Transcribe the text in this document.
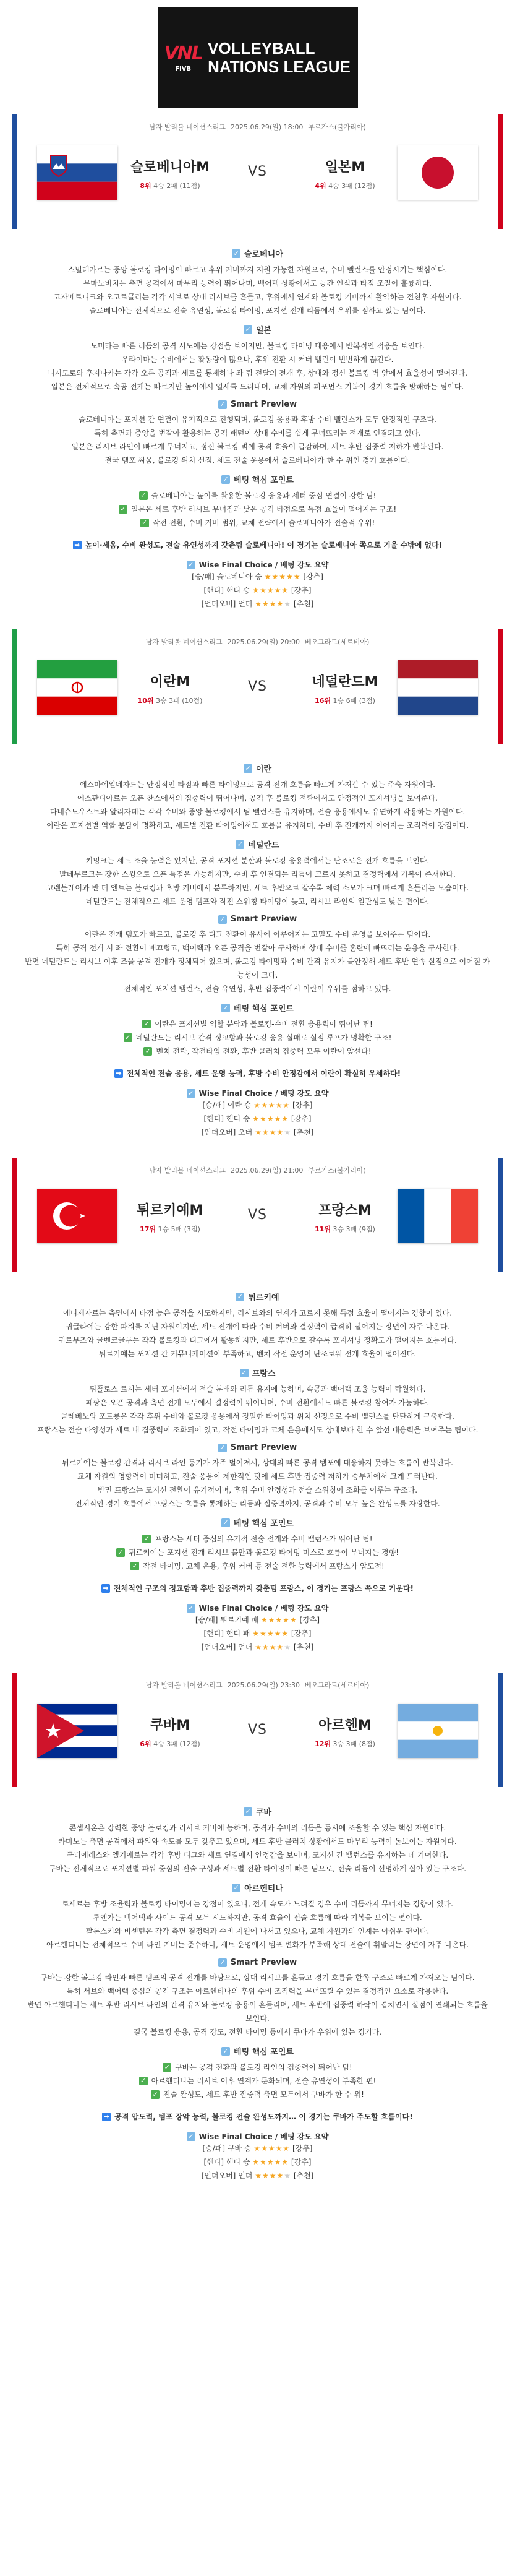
VNL
FIVB
VOLLEYBALL
NATIONS LEAGUE
남자 발리볼 네이션스리그 2025.06.29(일) 18:00 부르가스(불가리아)
슬로베니아M
8위 4승 2패 (11점)
일본M
4위 4승 3패 (12점)
VS
✓ 슬로베니아
스밀레카르는 중앙 볼로킹 타이밍이 빠르고 후위 커버까지 지원 가능한 자원으로, 수비 밸런스를 안정시키는 핵심이다.
무마노비치는 측면 공격에서 마무리 능력이 뛰어나며, 백어택 상황에서도 공간 인식과 타점 조절이 훌륭하다.
코자메르니크와 오코로글리는 각각 서브로 상대 리시브를 흔들고, 후위에서 연계와 볼로킹 커버까지 활약하는 전천후 자원이다.
슬로베니아는 전체적으로 전술 유연성, 볼로킹 타이밍, 포지션 전개 리듬에서 우위를 점하고 있는 팀이다.
✓ 일본
도미타는 빠른 리듬의 공격 시도에는 강점을 보이지만, 볼로킹 타이밍 대응에서 반복적인 적응을 보인다.
우라이마는 수비에서는 활동량이 많으나, 후위 전환 시 커버 밸런이 빈번하게 끊긴다.
니시모토와 후지나카는 각각 오른 공격과 세트를 통제하나 좌 팀 전달의 전개 후, 상대와 정신 볼로킹 벽 앞에서 효율성이 떨어진다.
일본은 전체적으로 속공 전개는 빠르지만 높이에서 열세를 드러내며, 교체 자원의 퍼포먼스 기복이 경기 흐름을 방해하는 팀이다.
✓ Smart Preview
슬로베니아는 포지션 간 연결이 유기적으로 진행되며, 볼로킹 응용과 후방 수비 밸런스가 모두 안정적인 구조다.
특히 측면과 중앙을 번갈아 활용하는 공격 패턴이 상대 수비를 쉽게 무너뜨리는 전개로 연결되고 있다.
일본은 리시브 라인이 빠르게 무너지고, 정신 볼로킹 벽에 공격 효율이 급감하며, 세트 후반 집중력 저하가 반복된다.
결국 템포 싸움, 볼로킹 위치 선점, 세트 전술 운용에서 슬로베니아가 한 수 위인 경기 흐름이다.
✓ 베팅 핵심 포인트
✓ 슬로베니아는 높이를 활용한 볼로킹 응용과 세터 중심 연결이 강한 팀!
✓ 일본은 세트 후반 리시브 무너짐과 낮은 공격 타점으로 득점 효율이 떨어지는 구조!
✓ 작전 전환, 수비 커버 범위, 교체 전략에서 슬로베니아가 전술적 우위!
➡ 높이·세움, 수비 완성도, 전술 유연성까지 갖춘팀 슬로베니아! 이 경기는 슬로베니아 쪽으로 기울 수밖에 없다!
✓ Wise Final Choice / 베팅 강도 요약
[승/패] 슬로베니아 승 ★★★★★ [강추]
[핸디] 핸디 승 ★★★★★ [강추]
[언더오버] 언더 ★★★★★ [추천]
남자 발리볼 네이션스리그 2025.06.29(일) 20:00 베오그라드(세르비아)
이란M
10위 3승 3패 (10점)
네덜란드M
16위 1승 6패 (3점)
VS
✓ 이란
에스마에일네자드는 안정적인 타점과 빠른 타이밍으로 공격 전개 흐름을 빠르게 가져갈 수 있는 주축 자원이다.
에스판디아르는 오픈 찬스에서의 집중력이 뛰어나며, 공격 후 볼로킹 전환에서도 안정적인 포지셔닝을 보여준다.
다네슈도우스트와 알리자데는 각각 수비와 중앙 볼로킹에서 팀 밸런스를 유지하며, 전술 응용에서도 유연하게 작용하는 자원이다.
이란은 포지션별 역할 분담이 명확하고, 세트별 전환 타이밍에서도 흐름을 유지하며, 수비 후 전개까지 이어지는 조직력이 강점이다.
✓ 네덜란드
키밍크는 세트 조율 능력은 있지만, 공격 포지션 분산과 볼로킹 응용력에서는 단조로운 전개 흐름을 보인다.
발데부르크는 강한 스윙으로 오픈 득점은 가능하지만, 수비 후 연결되는 리듬이 고르지 못하고 결정력에서 기복이 존재한다.
코렌블레어과 반 더 엔트는 볼로킹과 후방 커버에서 분투하지만, 세트 후반으로 갈수록 체력 소모가 크며 빠르게 흔들리는 모습이다.
네덜란드는 전체적으로 세트 운영 템포와 작전 스위칭 타이밍이 늦고, 리시브 라인의 일관성도 낮은 편이다.
✓ Smart Preview
이란은 전개 템포가 빠르고, 볼로킹 후 디그 전환이 유사에 이루어지는 고밀도 수비 운영을 보여주는 팀이다.
특히 공격 전개 시 좌 전환이 매끄럽고, 백어택과 오픈 공격을 번갈아 구사하며 상대 수비를 혼란에 빠뜨리는 운용을 구사한다.
반면 네덜란드는 리시브 이후 조율 공격 전개가 정체되어 있으며, 볼로킹 타이밍과 수비 간격 유지가 불안정해 세트 후반 연속 실점으로 이어질 가능성이 크다.
전체적인 포지션 밸런스, 전술 유연성, 후반 집중력에서 이란이 우위를 점하고 있다.
✓ 베팅 핵심 포인트
✓ 이란은 포지션별 역할 분담과 볼로킹-수비 전환 응용력이 뛰어난 팀!
✓ 네덜란드는 리시브 간격 정교함과 볼로킹 응용 실패로 실점 루프가 명확한 구조!
✓ 벤치 전략, 작전타임 전환, 후반 클러치 집중력 모두 이란이 앞선다!
➡ 전체적인 전술 응용, 세트 운영 능력, 후방 수비 안정감에서 이란이 확실히 우세하다!
✓ Wise Final Choice / 베팅 강도 요약
[승/패] 이란 승 ★★★★★ [강추]
[핸디] 핸디 승 ★★★★★ [강추]
[언더오버] 오버 ★★★★★ [추천]
남자 발리볼 네이션스리그 2025.06.29(일) 21:00 부르가스(불가리아)
튀르키예M
17위 1승 5패 (3점)
프랑스M
11위 3승 3패 (9점)
VS
✓ 튀르키예
에니제자르는 측면에서 타점 높은 공격을 시도하지만, 리시브와의 연계가 고르지 못해 득점 효율이 떨어지는 경향이 있다.
귀글라에는 강한 파워를 지닌 자원이지만, 세트 전개에 따라 수비 커버와 결정력이 급격히 떨어지는 장면이 자주 나온다.
귀르부즈와 굴벤코글루는 각각 볼로킹과 디그에서 활동하지만, 세트 후반으로 갈수록 포지셔닝 정확도가 떨어지는 흐름이다.
튀르키예는 포지션 간 커뮤니케이션이 부족하고, 벤치 작전 운영이 단조로워 전개 효율이 떨어진다.
✓ 프랑스
뒤플로스 로시는 세터 포지션에서 전술 분배와 리듬 유지에 능하며, 속공과 백어택 조율 능력이 탁월하다.
페팡은 오픈 공격과 측면 전개 모두에서 결정력이 뛰어나며, 수비 전환에서도 빠른 볼로킹 참여가 가능하다.
클레베노와 포트롱은 각각 후위 수비와 볼로킹 응용에서 정밀한 타이밍과 위치 선정으로 수비 밸런스를 탄탄하게 구축한다.
프랑스는 전술 다양성과 세트 내 집중력이 조화되어 있고, 작전 타이밍과 교체 운용에서도 상대보다 한 수 앞선 대응력을 보여주는 팀이다.
✓ Smart Preview
튀르키예는 볼로킹 간격과 리시브 라인 동기가 자주 벌어져서, 상대의 빠른 공격 템포에 대응하지 못하는 흐름이 반복된다.
교체 자원의 영향력이 미미하고, 전술 응용이 제한적인 탓에 세트 후반 집중력 저하가 승부처에서 크게 드러난다.
반면 프랑스는 포지션 전환이 유기적이며, 후위 수비 안정성과 전술 스위칭이 조화를 이루는 구조다.
전체적인 경기 흐름에서 프랑스는 흐름을 통제하는 리듬과 집중력까지, 공격과 수비 모두 높은 완성도를 자랑한다.
✓ 베팅 핵심 포인트
✓ 프랑스는 세터 중심의 유기적 전술 전개와 수비 밸런스가 뛰어난 팀!
✓ 튀르키예는 포지션 전개 리시브 불안과 볼로킹 타이밍 미스로 흐름이 무너지는 경향!
✓ 작전 타이밍, 교체 운용, 후위 커버 등 전술 전환 능력에서 프랑스가 압도적!
➡ 전체적인 구조의 정교함과 후반 집중력까지 갖춘팀 프랑스, 이 경기는 프랑스 쪽으로 기운다!
✓ Wise Final Choice / 베팅 강도 요약
[승/패] 튀르키예 패 ★★★★★ [강추]
[핸디] 핸디 패 ★★★★★ [강추]
[언더오버] 언더 ★★★★★ [추천]
남자 발리볼 네이션스리그 2025.06.29(일) 23:30 베오그라드(세르비아)
쿠바M
6위 4승 3패 (12점)
아르헨M
12위 3승 3패 (8점)
VS
✓ 쿠바
콘셉시온은 강력한 중앙 볼로킹과 리시브 커버에 능하며, 공격과 수비의 리듬을 동시에 조율할 수 있는 핵심 자원이다.
카미노는 측면 공격에서 파워와 속도를 모두 갖추고 있으며, 세트 후반 클러치 상황에서도 마무리 능력이 돋보이는 자원이다.
구티에레스와 엘기에로는 각각 후방 디그와 세트 연결에서 안정감을 보이며, 포지션 간 밸런스를 유지하는 데 기여한다.
쿠바는 전체적으로 포지션별 파워 중심의 전술 구성과 세트별 전환 타이밍이 빠른 팀으로, 전술 리듬이 선명하게 살아 있는 구조다.
✓ 아르헨티나
로세르는 후방 조율력과 볼로킹 타이밍에는 강점이 있으나, 전개 속도가 느려질 경우 수비 리듬까지 무너지는 경향이 있다.
루엔가는 백어택과 사이드 공격 모두 시도하지만, 공격 효율이 전술 흐름에 따라 기복을 보이는 편이다.
팔론스키와 비센틴은 각각 측면 결정력과 수비 지원에 나서고 있으나, 교체 자원과의 연계는 아쉬운 편이다.
아르헨티나는 전체적으로 수비 라인 커버는 준수하나, 세트 운영에서 템포 변화가 부족해 상대 전술에 휘말리는 장면이 자주 나온다.
✓ Smart Preview
쿠바는 강한 볼로킹 라인과 빠른 템포의 공격 전개를 바탕으로, 상대 리시브를 흔들고 경기 흐름을 한쪽 구조로 빠르게 가져오는 팀이다.
특히 서브와 백어택 중심의 공격 구조는 아르헨티나의 후위 수비 조직력을 무너뜨릴 수 있는 결정적인 요소로 작용한다.
반면 아르헨티나는 세트 후반 리시브 라인의 간격 유지와 볼로킹 응용이 흔들리며, 세트 후반에 집중력 하락이 겹치면서 실점이 연쇄되는 흐름을 보인다.
결국 볼로킹 응용, 공격 강도, 전환 타이밍 등에서 쿠바가 우위에 있는 경기다.
✓ 베팅 핵심 포인트
✓ 쿠바는 공격 전환과 볼로킹 라인의 집중력이 뛰어난 팀!
✓ 아르헨티나는 리시브 이후 연계가 둔화되며, 전술 유연성이 부족한 편!
✓ 전술 완성도, 세트 후반 집중력 측면 모두에서 쿠바가 한 수 위!
➡ 공격 압도력, 템포 장악 능력, 볼로킹 전술 완성도까지… 이 경기는 쿠바가 주도할 흐름이다!
✓ Wise Final Choice / 베팅 강도 요약
[승/패] 쿠바 승 ★★★★★ [강추]
[핸디] 핸디 승 ★★★★★ [강추]
[언더오버] 언더 ★★★★★ [추천]
